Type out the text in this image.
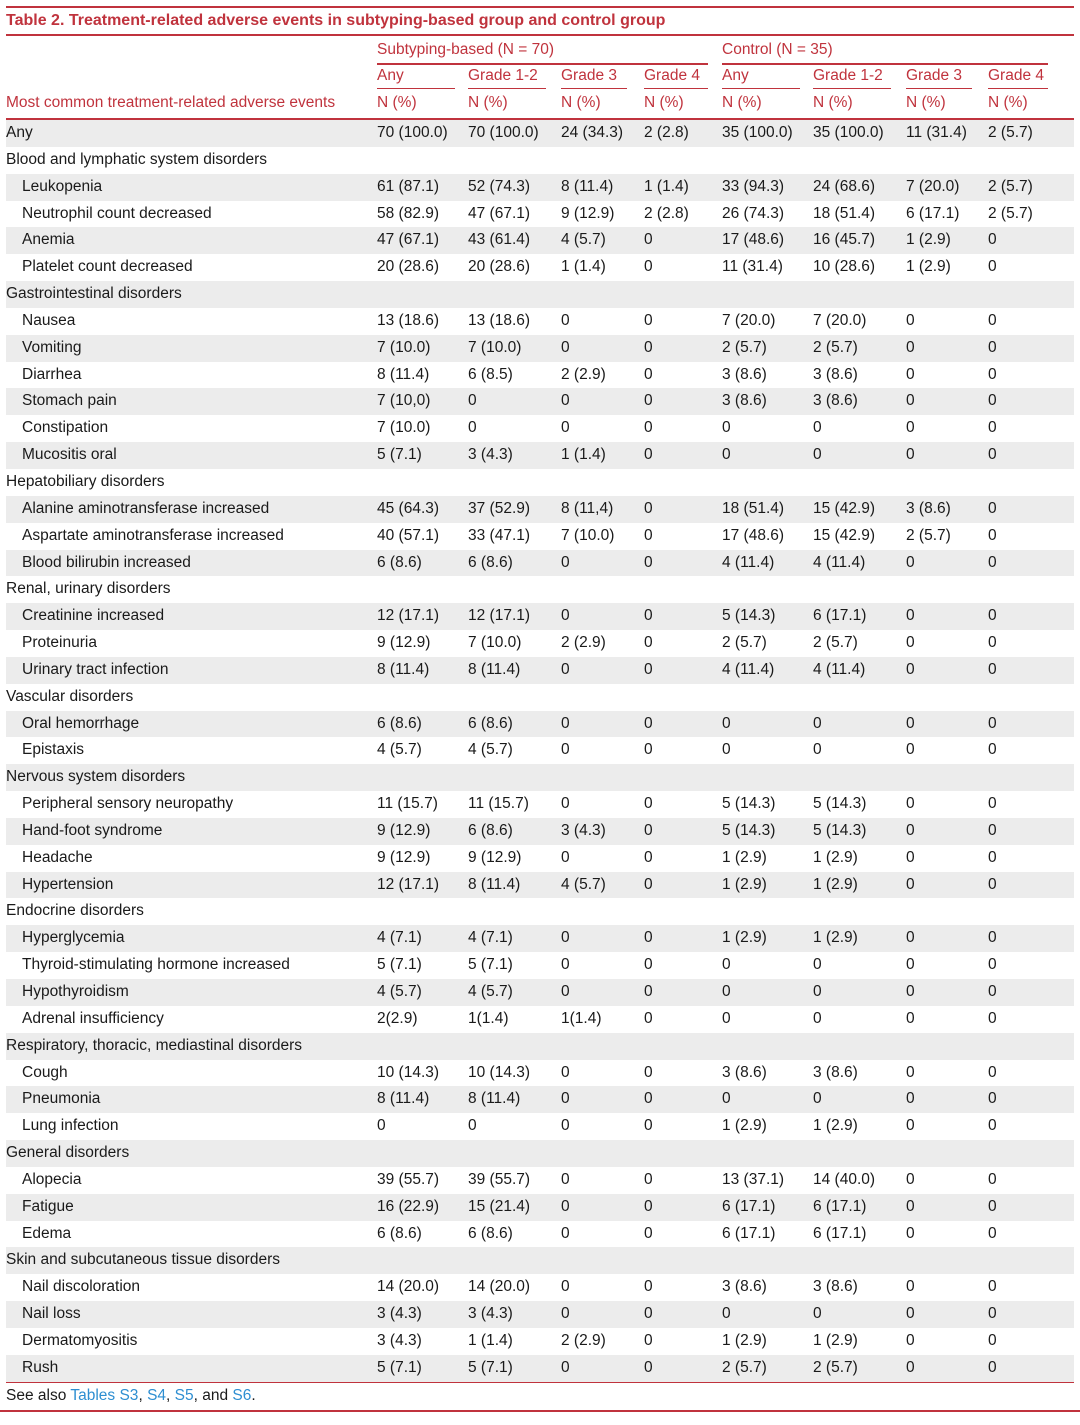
Table 2. Treatment-related adverse events in subtyping-based group and control group
Subtyping-based (N = 70)	Control (N = 35)
Any	Grade 1-2 Grade 3 Grade 4 Any	Grade 1-2 Grade 3 Grade 4
Most common treatment-related adverse events	N (%)	N (%)	N (%)	N (%) N (%)	N (%)	N (%)	N (%)
Any	70 (100.0) 70 (100.0) 24 (34.3) 2 (2.8) 35 (100.0) 35 (100.0) 11 (31.4) 2 (5.7)
Blood and lymphatic system disorders
Leukopenia	61 (87.1) 52 (74.3) 8 (11.4) 1 (1.4) 33 (94.3) 24 (68.6) 7 (20.0) 2 (5.7)
Neutrophil count decreased	58 (82.9) 47 (67.1) 9 (12.9) 2 (2.8) 26 (74.3) 18 (51.4) 6 (17.1) 2 (5.7)
Anemia	47 (67.1) 43 (61.4) 4 (5.7) 0	17 (48.6) 16 (45.7) 1 (2.9) 0
Platelet count decreased	20 (28.6) 20 (28.6) 1 (1.4) 0	11 (31.4) 10 (28.6) 1 (2.9) 0
Gastrointestinal disorders
Nausea	13 (18.6) 13 (18.6) 0	0	7 (20.0) 7 (20.0)	0	0
Vomiting	7 (10.0) 7 (10.0)	0	0	2 (5.7)	2 (5.7)	0	0
Diarrhea	8 (11.4) 6 (8.5)	2 (2.9) 0	3 (8.6)	3 (8.6)	0	0
Stomach pain	7 (10,0) 0	0	0	3 (8.6)	3 (8.6)	0	0
Constipation	7 (10.0) 0	0	0	0	0	0	0
Mucositis oral	5 (7.1)	3 (4.3)	1 (1.4) 0	0	0	0	0
Hepatobiliary disorders
Alanine aminotransferase increased	45 (64.3) 37 (52.9) 8 (11,4) 0	18 (51.4) 15 (42.9) 3 (8.6) 0
Aspartate aminotransferase increased	40 (57.1) 33 (47.1) 7 (10.0) 0	17 (48.6) 15 (42.9) 2 (5.7) 0
Blood bilirubin increased	6 (8.6)	6 (8.6)	0	0	4 (11.4) 4 (11.4)	0	0
Renal, urinary disorders
Creatinine increased	12 (17.1) 12 (17.1) 0	0	5 (14.3) 6 (17.1)	0	0
Proteinuria	9 (12.9) 7 (10.0)	2 (2.9) 0	2 (5.7)	2 (5.7)	0	0
Urinary tract infection	8 (11.4) 8 (11.4)	0	0	4 (11.4) 4 (11.4)	0	0
Vascular disorders
Oral hemorrhage	6 (8.6)	6 (8.6)	0	0	0	0	0	0
Epistaxis	4 (5.7)	4 (5.7)	0	0	0	0	0	0
Nervous system disorders
Peripheral sensory neuropathy	11 (15.7) 11 (15.7) 0	0	5 (14.3) 5 (14.3)	0	0
Hand-foot syndrome	9 (12.9) 6 (8.6)	3 (4.3) 0	5 (14.3) 5 (14.3)	0	0
Headache	9 (12.9) 9 (12.9)	0	0	1 (2.9)	1 (2.9)	0	0
Hypertension	12 (17.1) 8 (11.4)	4 (5.7) 0	1 (2.9)	1 (2.9)	0	0
Endocrine disorders
Hyperglycemia	4 (7.1)	4 (7.1)	0	0	1 (2.9)	1 (2.9)	0	0
Thyroid-stimulating hormone increased	5 (7.1)	5 (7.1)	0	0	0	0	0	0
Hypothyroidism	4 (5.7)	4 (5.7)	0	0	0	0	0	0
Adrenal insufficiency	2(2.9)	1(1.4)	1(1.4)	0	0	0	0	0
Respiratory, thoracic, mediastinal disorders
Cough	10 (14.3) 10 (14.3) 0	0	3 (8.6)	3 (8.6)	0	0
Pneumonia	8 (11.4) 8 (11.4)	0	0	0	0	0	0
Lung infection	0	0	0	0	1 (2.9)	1 (2.9)	0	0
General disorders
Alopecia	39 (55.7) 39 (55.7) 0	0	13 (37.1) 14 (40.0) 0	0
Fatigue	16 (22.9) 15 (21.4) 0	0	6 (17.1) 6 (17.1)	0	0
Edema	6 (8.6)	6 (8.6)	0	0	6 (17.1) 6 (17.1)	0	0
Skin and subcutaneous tissue disorders
Nail discoloration	14 (20.0) 14 (20.0) 0	0	3 (8.6)	3 (8.6)	0	0
Nail loss	3 (4.3)	3 (4.3)	0	0	0	0	0	0
Dermatomyositis	3 (4.3)	1 (1.4)	2 (2.9) 0	1 (2.9)	1 (2.9)	0	0
Rush	5 (7.1)	5 (7.1)	0	0	2 (5.7)	2 (5.7)	0	0
See also Tables S3, S4, S5, and S6.
